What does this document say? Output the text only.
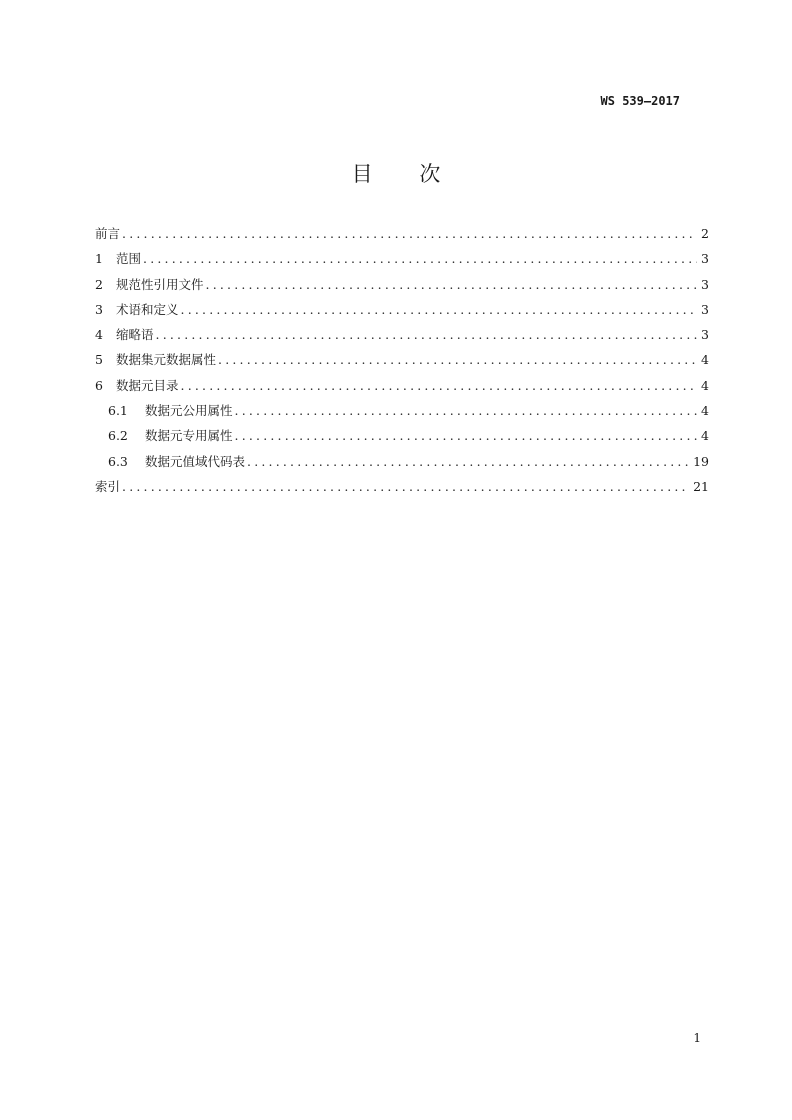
WS 539—2017
目 次
前言 .....	2
1 范围 .....	3
2 规范性引用文件 .....	3
3 术语和定义 .....	3
4 缩略语 .....	3
5 数据集元数据属性 .....	4
6 数据元目录 .....	4
6.1 数据元公用属性 .....	4
6.2 数据元专用属性 .....	4
6.3 数据元值域代码表 .....	19
索引 .....	21
1
